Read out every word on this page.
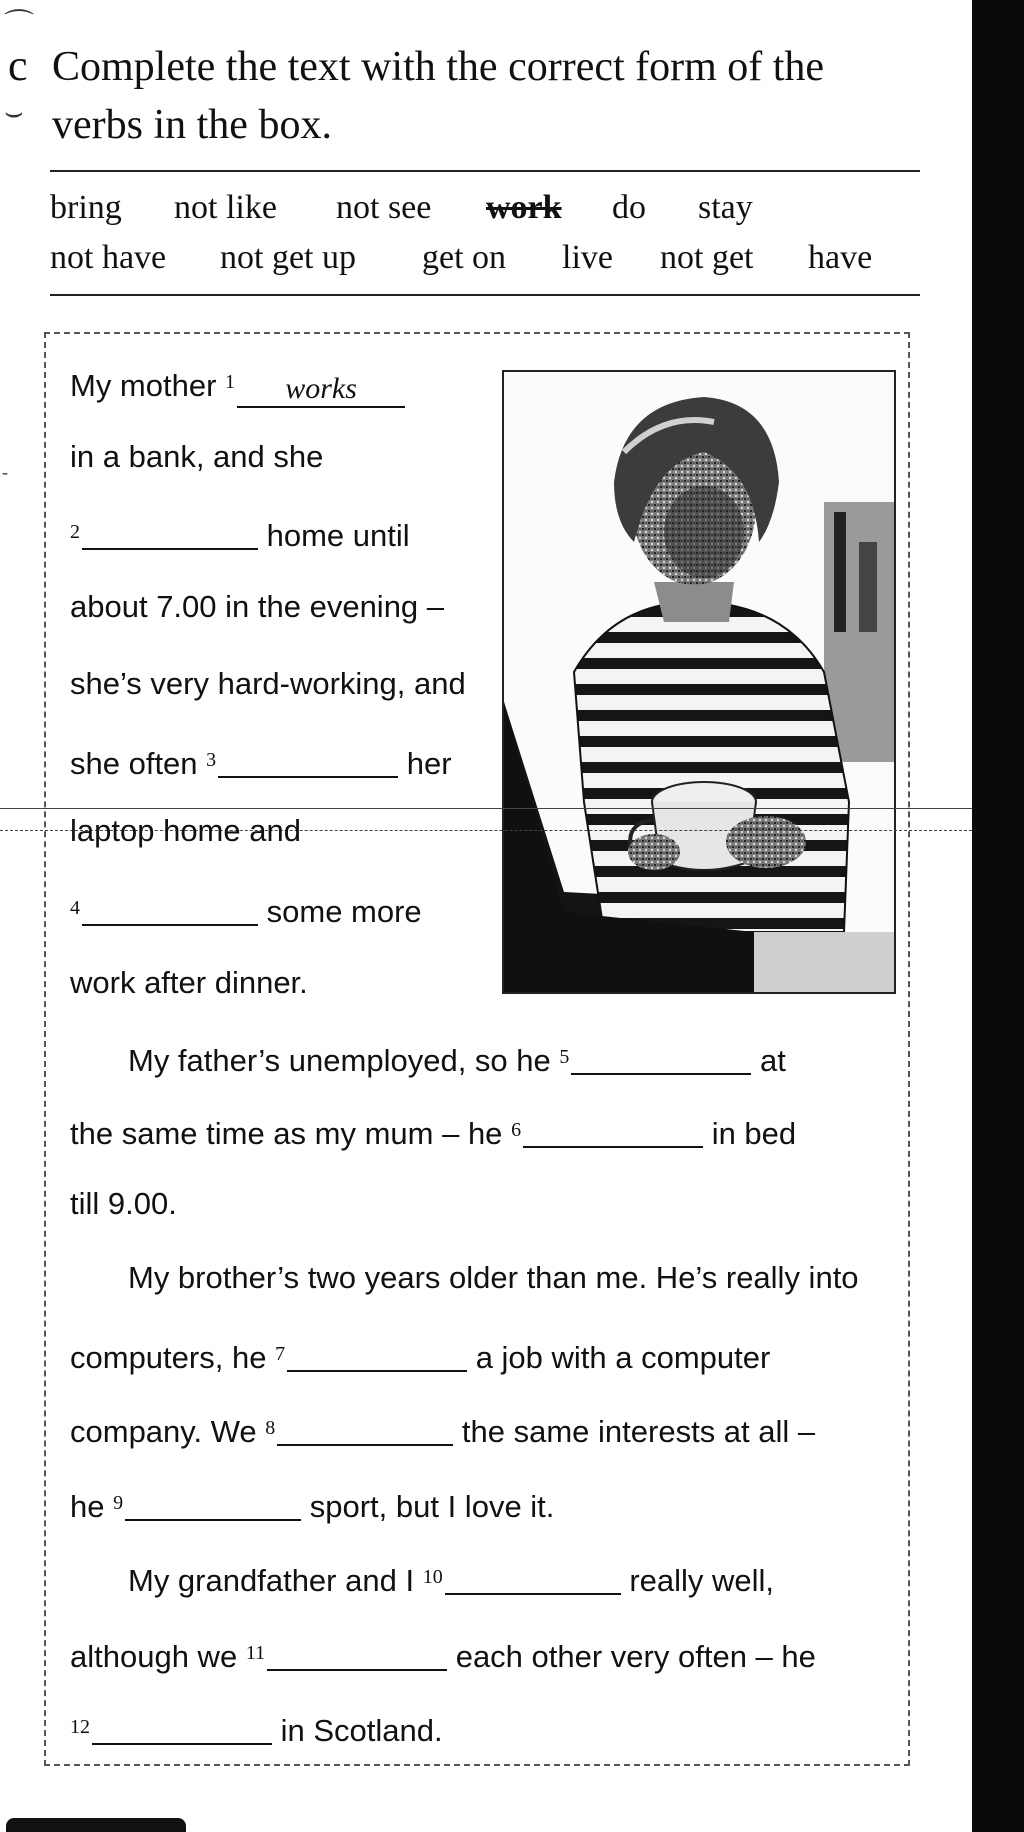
⌒
⌣
-
c Complete the text with the correct form of the
verbs in the box.
bring not like not see work do stay
not have not get up get on live not get have
My mother $^1$ works
in a bank, and she
$^2$	home until
about 7.00 in the evening –
she’s very hard-working, and
she often $^3$	her
laptop home and
$^4$	some more
work after dinner.
My father’s unemployed, so he $^5$	at
the same time as my mum – he $^6$	in bed
till 9.00.
My brother’s two years older than me. He’s really into
computers, he $^7$	a job with a computer
company. We $^8$	the same interests at all –
he $^9$	sport, but I love it.
My grandfather and I $^{10}$	really well,
although we $^{11}$	each other very often – he
$^{12}$	in Scotland.
